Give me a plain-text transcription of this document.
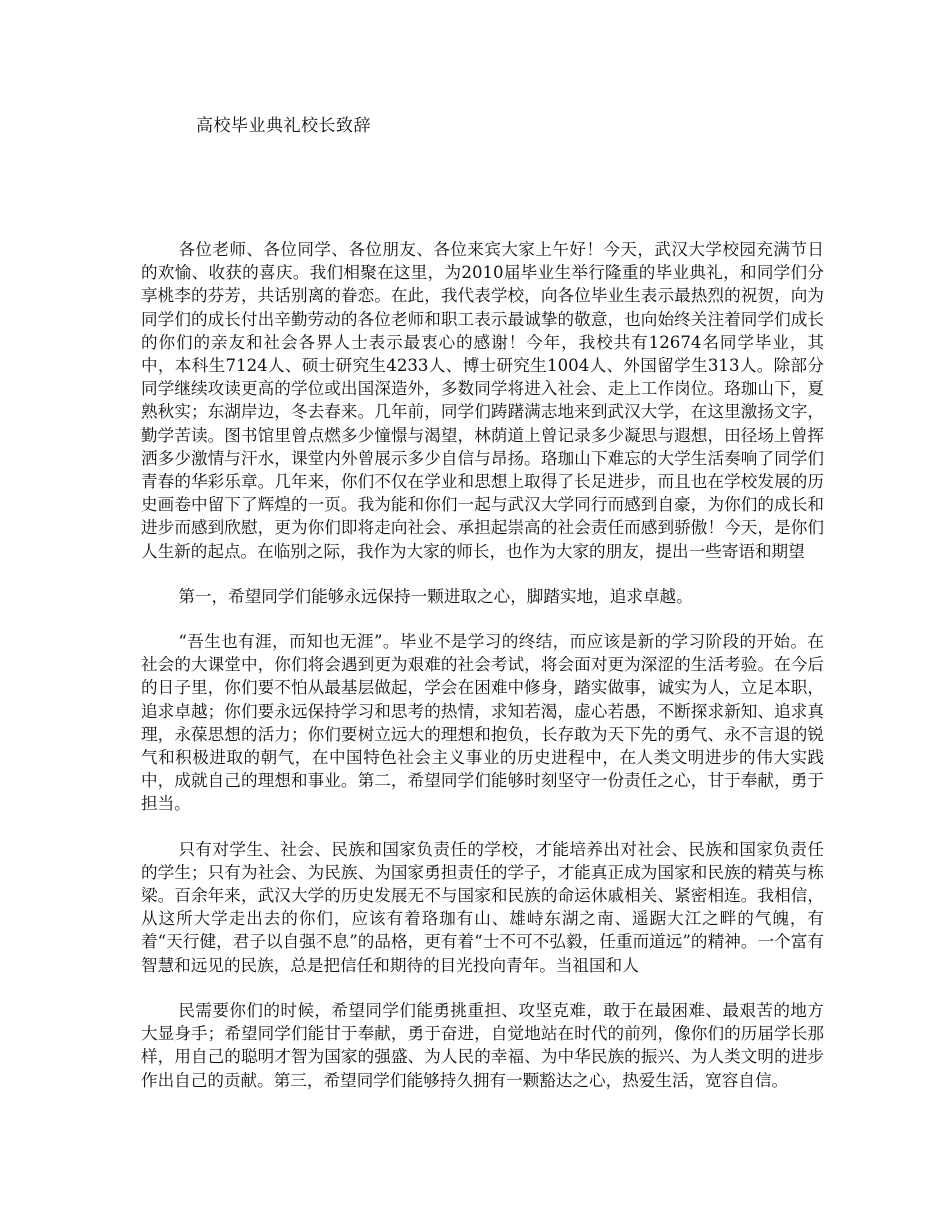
高校毕业典礼校长致辞

各位老师、各位同学、各位朋友、各位来宾大家上午好！今天，武汉大学校园充满节日的欢愉、收获的喜庆。我们相聚在这里，为2010届毕业生举行隆重的毕业典礼，和同学们分享桃李的芬芳，共话别离的眷恋。在此，我代表学校，向各位毕业生表示最热烈的祝贺，向为同学们的成长付出辛勤劳动的各位老师和职工表示最诚挚的敬意，也向始终关注着同学们成长的你们的亲友和社会各界人士表示最衷心的感谢！今年，我校共有12674名同学毕业，其中，本科生7124人、硕士研究生4233人、博士研究生1004人、外国留学生313人。除部分同学继续攻读更高的学位或出国深造外，多数同学将进入社会、走上工作岗位。珞珈山下，夏熟秋实；东湖岸边，冬去春来。几年前，同学们踌躇满志地来到武汉大学，在这里激扬文字，勤学苦读。图书馆里曾点燃多少憧憬与渴望，林荫道上曾记录多少凝思与遐想，田径场上曾挥洒多少激情与汗水，课堂内外曾展示多少自信与昂扬。珞珈山下难忘的大学生活奏响了同学们青春的华彩乐章。几年来，你们不仅在学业和思想上取得了长足进步，而且也在学校发展的历史画卷中留下了辉煌的一页。我为能和你们一起与武汉大学同行而感到自豪，为你们的成长和进步而感到欣慰，更为你们即将走向社会、承担起崇高的社会责任而感到骄傲！今天，是你们人生新的起点。在临别之际，我作为大家的师长，也作为大家的朋友，提出一些寄语和期望

第一，希望同学们能够永远保持一颗进取之心，脚踏实地，追求卓越。

“吾生也有涯，而知也无涯”。毕业不是学习的终结，而应该是新的学习阶段的开始。在社会的大课堂中，你们将会遇到更为艰难的社会考试，将会面对更为深涩的生活考验。在今后的日子里，你们要不怕从最基层做起，学会在困难中修身，踏实做事，诚实为人，立足本职，追求卓越；你们要永远保持学习和思考的热情，求知若渴，虚心若愚，不断探求新知、追求真理，永葆思想的活力；你们要树立远大的理想和抱负，长存敢为天下先的勇气、永不言退的锐气和积极进取的朝气，在中国特色社会主义事业的历史进程中，在人类文明进步的伟大实践中，成就自己的理想和事业。第二，希望同学们能够时刻坚守一份责任之心，甘于奉献，勇于担当。

只有对学生、社会、民族和国家负责任的学校，才能培养出对社会、民族和国家负责任的学生；只有为社会、为民族、为国家勇担责任的学子，才能真正成为国家和民族的精英与栋梁。百余年来，武汉大学的历史发展无不与国家和民族的命运休戚相关、紧密相连。我相信，从这所大学走出去的你们，应该有着珞珈有山、雄峙东湖之南、遥踞大江之畔的气魄，有着“天行健，君子以自强不息”的品格，更有着“士不可不弘毅，任重而道远”的精神。一个富有智慧和远见的民族，总是把信任和期待的目光投向青年。当祖国和人

民需要你们的时候，希望同学们能勇挑重担、攻坚克难，敢于在最困难、最艰苦的地方大显身手；希望同学们能甘于奉献，勇于奋进，自觉地站在时代的前列，像你们的历届学长那样，用自己的聪明才智为国家的强盛、为人民的幸福、为中华民族的振兴、为人类文明的进步作出自己的贡献。第三，希望同学们能够持久拥有一颗豁达之心，热爱生活，宽容自信。
